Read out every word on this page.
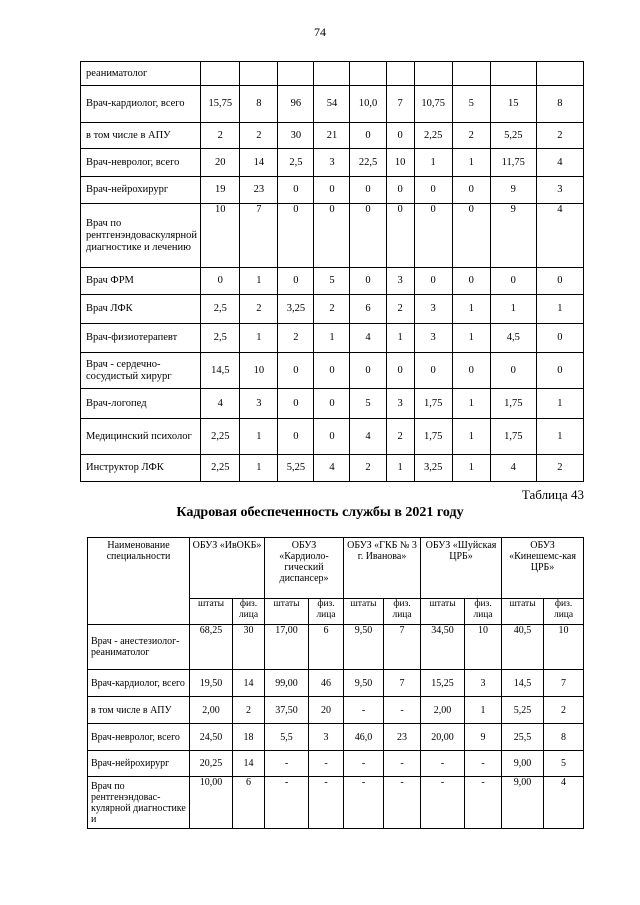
74
реаниматолог										
Врач-кардиолог, всего	15,75	8	96	54	10,0	7	10,75	5	15	8
в том числе в АПУ	2	2	30	21	0	0	2,25	2	5,25	2
Врач-невролог, всего	20	14	2,5	3	22,5	10	1	1	11,75	4
Врач-нейрохирург	19	23	0	0	0	0	0	0	9	3
Врач по рентгенэндоваскулярной диагностике и лечению	10	7	0	0	0	0	0	0	9	4
Врач ФРМ	0	1	0	5	0	3	0	0	0	0
Врач ЛФК	2,5	2	3,25	2	6	2	3	1	1	1
Врач-физиотерапевт	2,5	1	2	1	4	1	3	1	4,5	0
Врач - сердечно-сосудистый хирург	14,5	10	0	0	0	0	0	0	0	0
Врач-логопед	4	3	0	0	5	3	1,75	1	1,75	1
Медицинский психолог	2,25	1	0	0	4	2	1,75	1	1,75	1
Инструктор ЛФК	2,25	1	5,25	4	2	1	3,25	1	4	2
Таблица 43
Кадровая обеспеченность службы в 2021 году
Наименование специальности	ОБУЗ «ИвОКБ»		ОБУЗ «Кардиоло-гический диспансер»		ОБУЗ «ГКБ № 3 г. Иванова»		ОБУЗ «Шуйская ЦРБ»		ОБУЗ «Кинешемс-кая ЦРБ»	
	штаты	физ. лица	штаты	физ. лица	штаты	физ. лица	штаты	физ. лица	штаты	физ. лица
Врач - анестезиолог-реаниматолог	68,25	30	17,00	6	9,50	7	34,50	10	40,5	10
Врач-кардиолог, всего	19,50	14	99,00	46	9,50	7	15,25	3	14,5	7
в том числе в АПУ	2,00	2	37,50	20	-	-	2,00	1	5,25	2
Врач-невролог, всего	24,50	18	5,5	3	46,0	23	20,00	9	25,5	8
Врач-нейрохирург	20,25	14	-	-	-	-	-	-	9,00	5
Врач по рентгенэндовас-кулярной диагностике и	10,00	6	-	-	-	-	-	-	9,00	4
